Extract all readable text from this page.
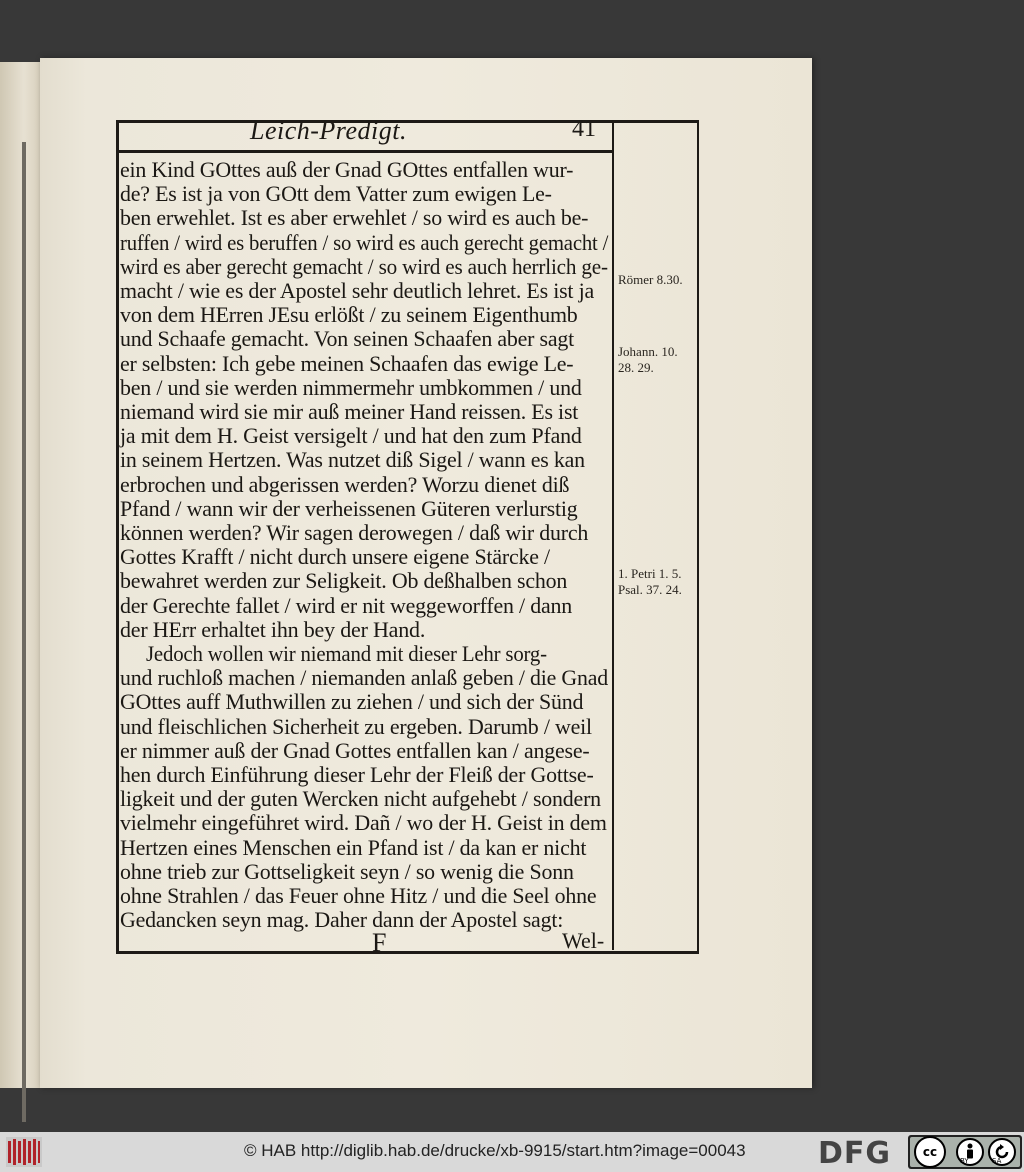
Leich-Predigt.	41
ein Kind GOttes auß der Gnad GOttes entfallen wur-
de? Es ist ja von GOtt dem Vatter zum ewigen Le-
ben erwehlet. Ist es aber erwehlet / so wird es auch be-
ruffen / wird es beruffen / so wird es auch gerecht gemacht /
wird es aber gerecht gemacht / so wird es auch herrlich ge-
macht / wie es der Apostel sehr deutlich lehret. Es ist ja
von dem HErren JEsu erlößt / zu seinem Eigenthumb
und Schaafe gemacht. Von seinen Schaafen aber sagt
er selbsten: Ich gebe meinen Schaafen das ewige Le-
ben / und sie werden nimmermehr umbkommen / und
niemand wird sie mir auß meiner Hand reissen. Es ist
ja mit dem H. Geist versigelt / und hat den zum Pfand
in seinem Hertzen. Was nutzet diß Sigel / wann es kan
erbrochen und abgerissen werden? Worzu dienet diß
Pfand / wann wir der verheissenen Güteren verlurstig
können werden? Wir sagen derowegen / daß wir durch
Gottes Krafft / nicht durch unsere eigene Stärcke /
bewahret werden zur Seligkeit. Ob deßhalben schon
der Gerechte fallet / wird er nit weggeworffen / dann
der HErr erhaltet ihn bey der Hand.
Jedoch wollen wir niemand mit dieser Lehr sorg-
und ruchloß machen / niemanden anlaß geben / die Gnad
GOttes auff Muthwillen zu ziehen / und sich der Sünd
und fleischlichen Sicherheit zu ergeben. Darumb / weil
er nimmer auß der Gnad Gottes entfallen kan / angese-
hen durch Einführung dieser Lehr der Fleiß der Gottse-
ligkeit und der guten Wercken nicht aufgehebt / sondern
vielmehr eingeführet wird. Dañ / wo der H. Geist in dem
Hertzen eines Menschen ein Pfand ist / da kan er nicht
ohne trieb zur Gottseligkeit seyn / so wenig die Sonn
ohne Strahlen / das Feuer ohne Hitz / und die Seel ohne
Gedancken seyn mag. Daher dann der Apostel sagt:
Römer 8.30.
Johann. 10.
28. 29.
1. Petri 1. 5.
Psal. 37. 24.
F	Wel-
© HAB http://diglib.hab.de/drucke/xb-9915/start.htm?image=00043 DFG	cc
BY	SA
